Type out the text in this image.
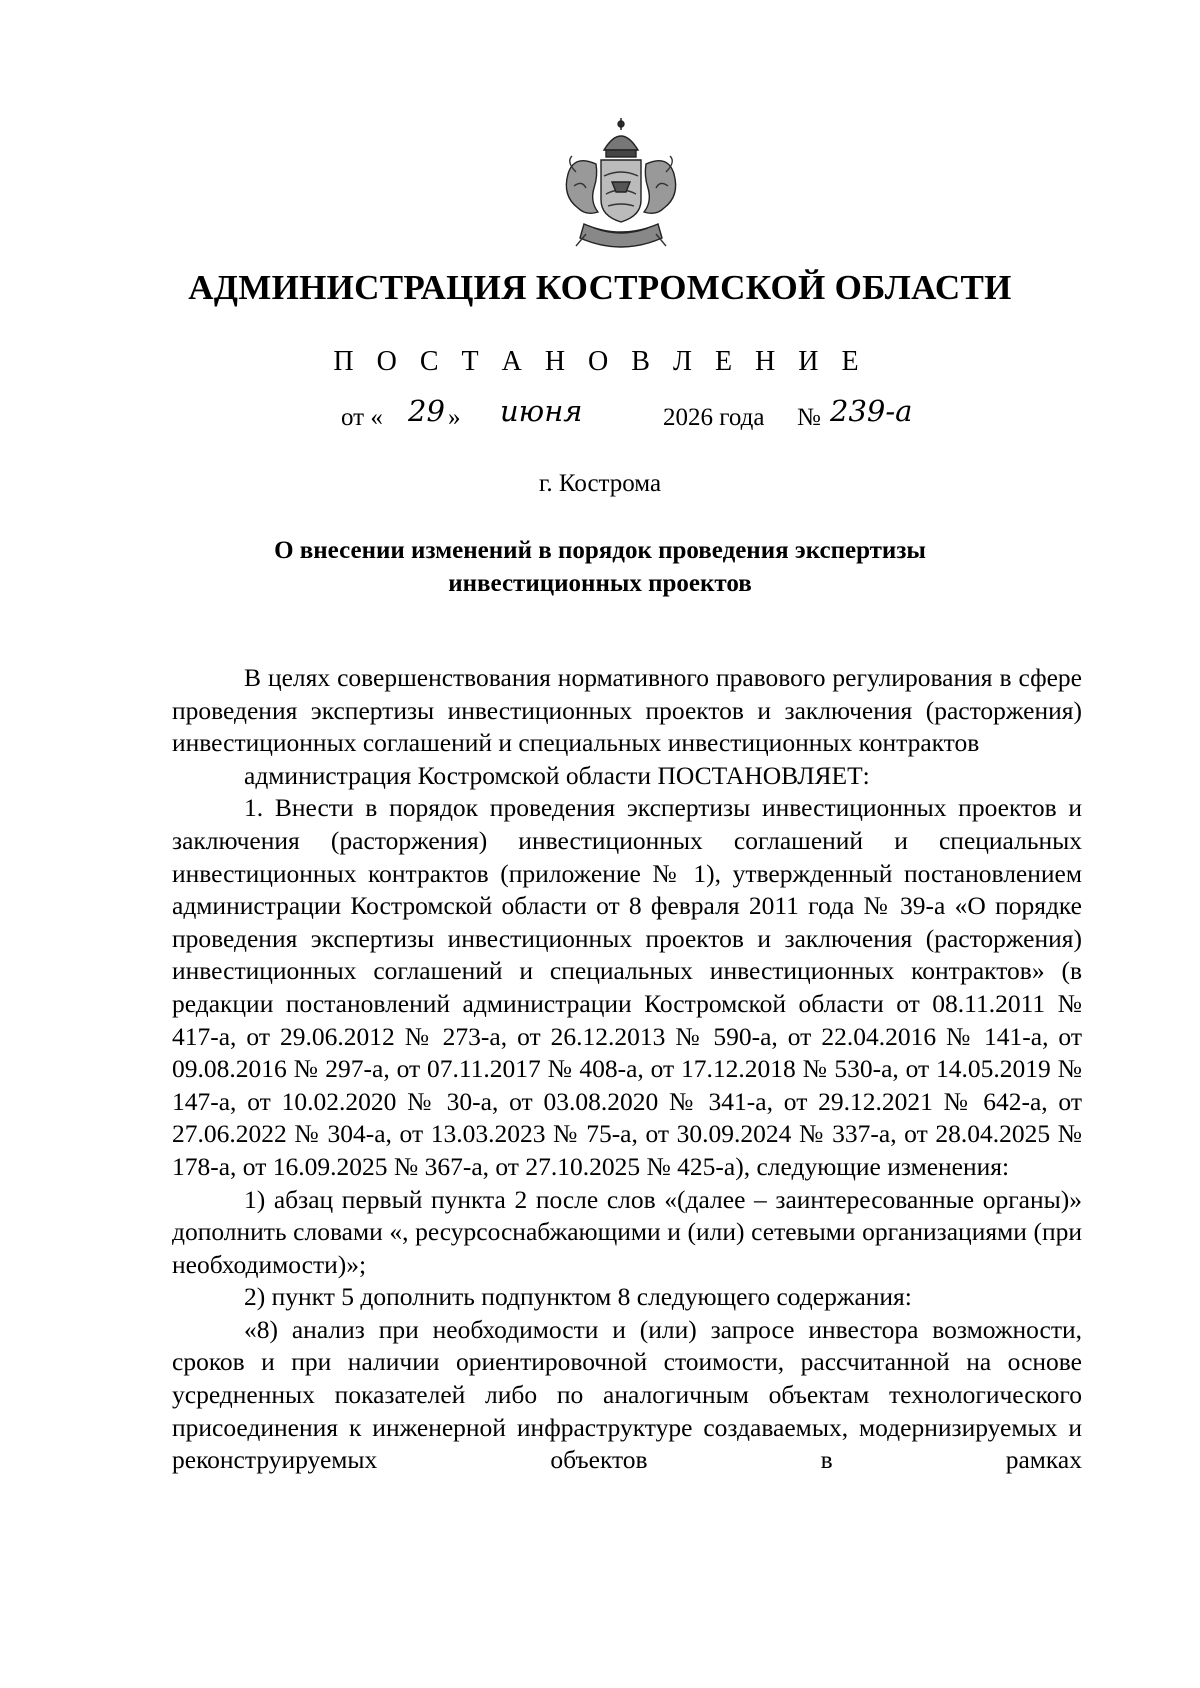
АДМИНИСТРАЦИЯ КОСТРОМСКОЙ ОБЛАСТИ
П О С Т А Н О В Л Е Н И Е
от « 29 » июня	2026 года № 239-а
г. Кострома
О внесении изменений в порядок проведения экспертизы
инвестиционных проектов

В целях совершенствования нормативного правового регулирования в сфере проведения экспертизы инвестиционных проектов и заключения (расторжения) инвестиционных соглашений и специальных инвестиционных контрактов

администрация Костромской области ПОСТАНОВЛЯЕТ:

1. Внести в порядок проведения экспертизы инвестиционных проектов и заключения (расторжения) инвестиционных соглашений и специальных инвестиционных контрактов (приложение № 1), утвержденный постановлением администрации Костромской области от 8 февраля 2011 года № 39-а «О порядке проведения экспертизы инвестиционных проектов и заключения (расторжения) инвестиционных соглашений и специальных инвестиционных контрактов» (в редакции постановлений администрации Костромской области от 08.11.2011 № 417-а, от 29.06.2012 № 273-а, от 26.12.2013 № 590-а, от 22.04.2016 № 141-а, от 09.08.2016 № 297-а, от 07.11.2017 № 408-а, от 17.12.2018 № 530-а, от 14.05.2019 № 147-а, от 10.02.2020 № 30-а, от 03.08.2020 № 341-а, от 29.12.2021 № 642-а, от 27.06.2022 № 304-а, от 13.03.2023 № 75-а, от 30.09.2024 № 337-а, от 28.04.2025 № 178-а, от 16.09.2025 № 367-а, от 27.10.2025 № 425-а), следующие изменения:

1) абзац первый пункта 2 после слов «(далее – заинтересованные органы)» дополнить словами «, ресурсоснабжающими и (или) сетевыми организациями (при необходимости)»;

2) пункт 5 дополнить подпунктом 8 следующего содержания:

«8) анализ при необходимости и (или) запросе инвестора возможности, сроков и при наличии ориентировочной стоимости, рассчитанной на основе усредненных показателей либо по аналогичным объектам технологического присоединения к инженерной инфраструктуре создаваемых, модернизируемых и реконструируемых объектов в рамках
